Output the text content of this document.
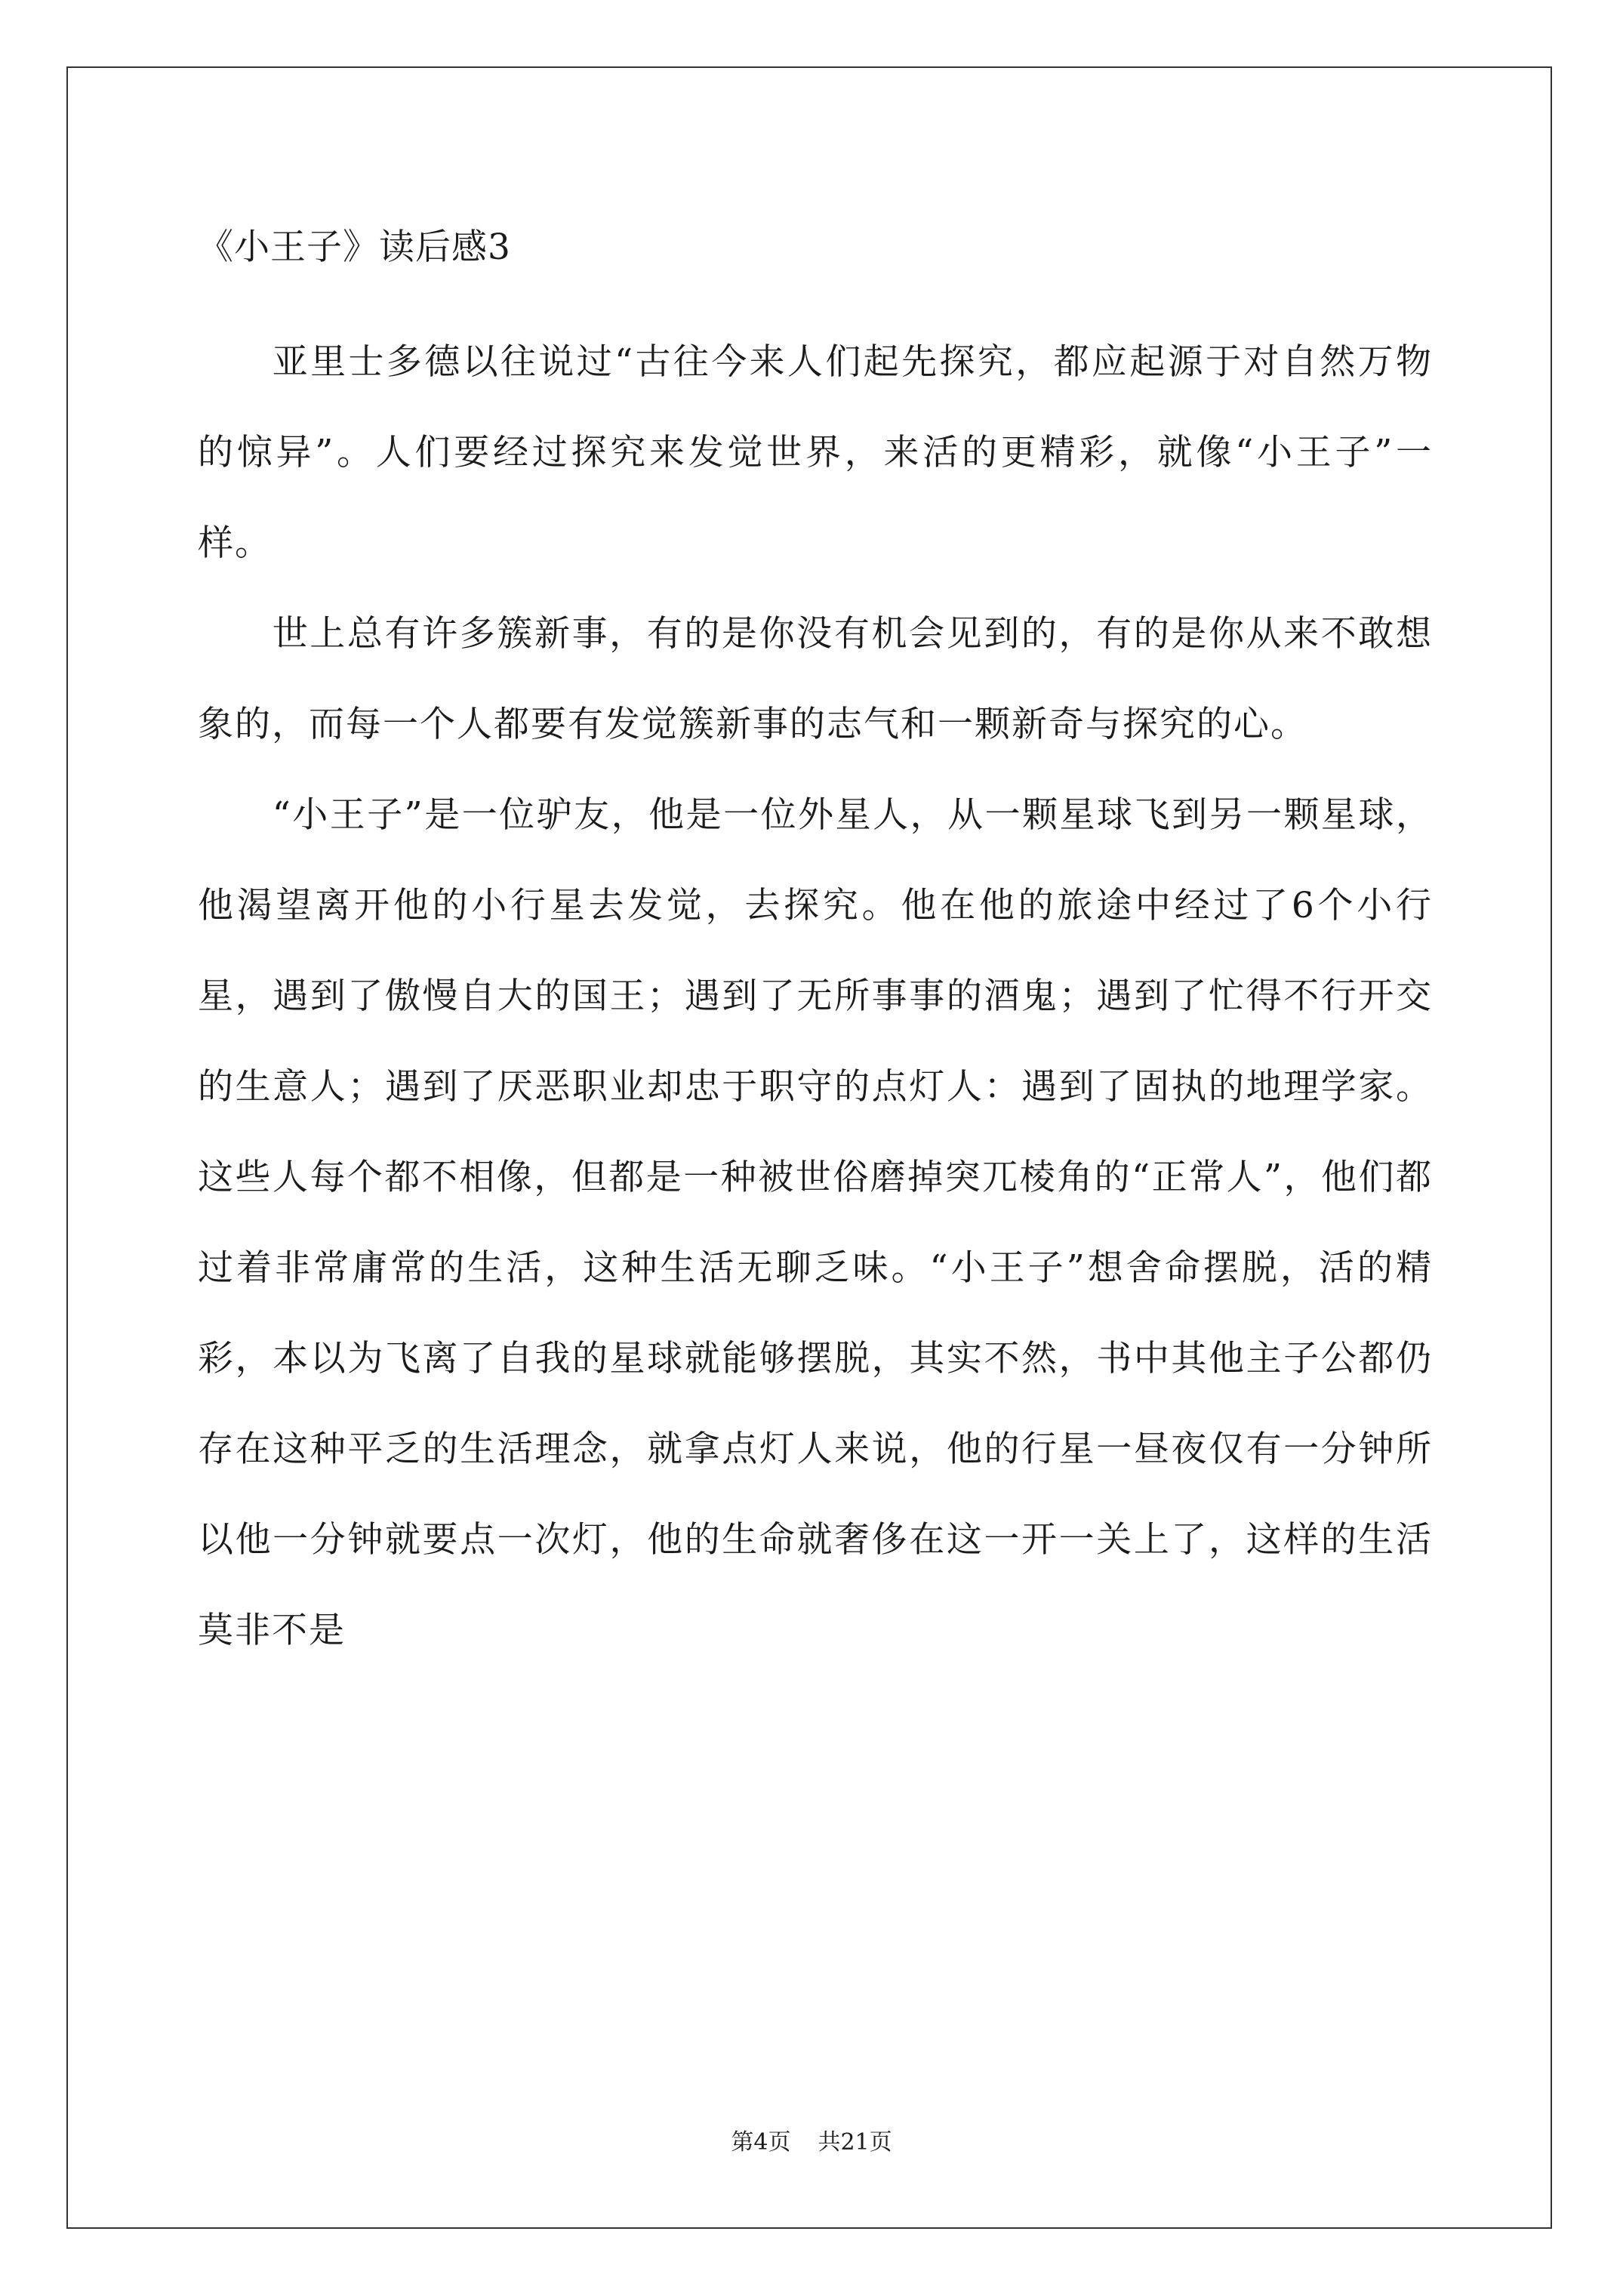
《小王子》读后感3

亚里士多德以往说过“古往今来人们起先探究，都应起源于对自然万物的惊异”。人们要经过探究来发觉世界，来活的更精彩，就像“小王子”一样。

世上总有许多簇新事，有的是你没有机会见到的，有的是你从来不敢想象的，而每一个人都要有发觉簇新事的志气和一颗新奇与探究的心。

“小王子”是一位驴友，他是一位外星人，从一颗星球飞到另一颗星球，他渴望离开他的小行星去发觉，去探究。他在他的旅途中经过了6个小行星，遇到了傲慢自大的国王；遇到了无所事事的酒鬼；遇到了忙得不行开交的生意人；遇到了厌恶职业却忠于职守的点灯人：遇到了固执的地理学家。这些人每个都不相像，但都是一种被世俗磨掉突兀棱角的“正常人”，他们都过着非常庸常的生活，这种生活无聊乏味。“小王子”想舍命摆脱，活的精彩，本以为飞离了自我的星球就能够摆脱，其实不然，书中其他主子公都仍存在这种平乏的生活理念，就拿点灯人来说，他的行星一昼夜仅有一分钟所以他一分钟就要点一次灯，他的生命就奢侈在这一开一关上了，这样的生活莫非不是

第4页 共21页
